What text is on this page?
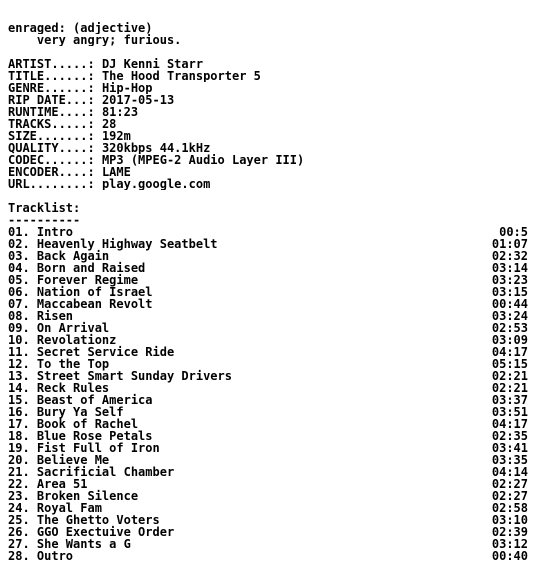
enraged: (adjective)
very angry; furious.
ARTIST.....: DJ Kenni Starr
TITLE......: The Hood Transporter 5
GENRE......: Hip-Hop
RIP DATE...: 2017-05-13
RUNTIME....: 81:23
TRACKS.....: 28
SIZE.......: 192m
QUALITY....: 320kbps 44.1kHz
CODEC......: MP3 (MPEG-2 Audio Layer III)
ENCODER....: LAME
URL........: play.google.com
Tracklist:
----------
01. Intro	00:5
02. Heavenly Highway Seatbelt	01:07
03. Back Again	02:32
04. Born and Raised	03:14
05. Forever Regime	03:23
06. Nation of Israel	03:15
07. Maccabean Revolt	00:44
08. Risen	03:24
09. On Arrival	02:53
10. Revolationz	03:09
11. Secret Service Ride	04:17
12. To the Top	05:15
13. Street Smart Sunday Drivers	02:21
14. Reck Rules	02:21
15. Beast of America	03:37
16. Bury Ya Self	03:51
17. Book of Rachel	04:17
18. Blue Rose Petals	02:35
19. Fist Full of Iron	03:41
20. Believe Me	03:35
21. Sacrificial Chamber	04:14
22. Area 51	02:27
23. Broken Silence	02:27
24. Royal Fam	02:58
25. The Ghetto Voters	03:10
26. GGO Exectuive Order	02:39
27. She Wants a G	03:12
28. Outro	00:40
